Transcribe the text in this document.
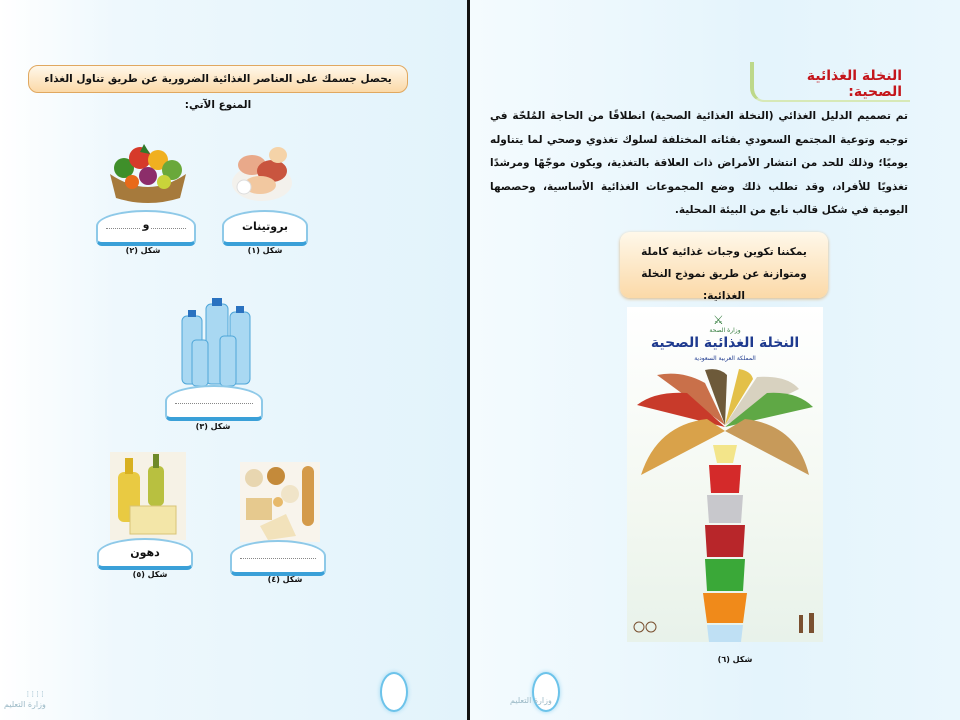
يحصل جسمك على العناصر الغذائية الضرورية عن طريق تناول الغذاء المنوع الآتي:
بروتينات
شكل (١)
و
شكل (٢)
شكل (٣)
شكل (٤)
دهون
شكل (٥)
⁞⁞⁞⁞
وزارة التعليم
النخلة الغذائية الصحية:
تم تصميم الدليل الغذائي (النخلة الغذائية الصحية) انطلاقًا من الحاجة المُلحّة في توجيه وتوعية المجتمع السعودي بفئاته المختلفة لسلوك تغذوي وصحي لما يتناوله يوميًا؛ وذلك للحد من انتشار الأمراض ذات العلاقة بالتغذية، ويكون موجّهًا ومرشدًا تغذويًا للأفراد، وقد تطلب ذلك وضع المجموعات الغذائية الأساسية، وحصصها اليومية في شكل قالب نابع من البيئة المحلية.
يمكننا تكوين وجبات غذائية كاملة ومتوازنة عن طريق نموذج النخلة الغذائية:
⚔
وزارة الصحة
النخلة الغذائية الصحية
المملكة العربية السعودية
شكل (٦)
وزارة التعليم
